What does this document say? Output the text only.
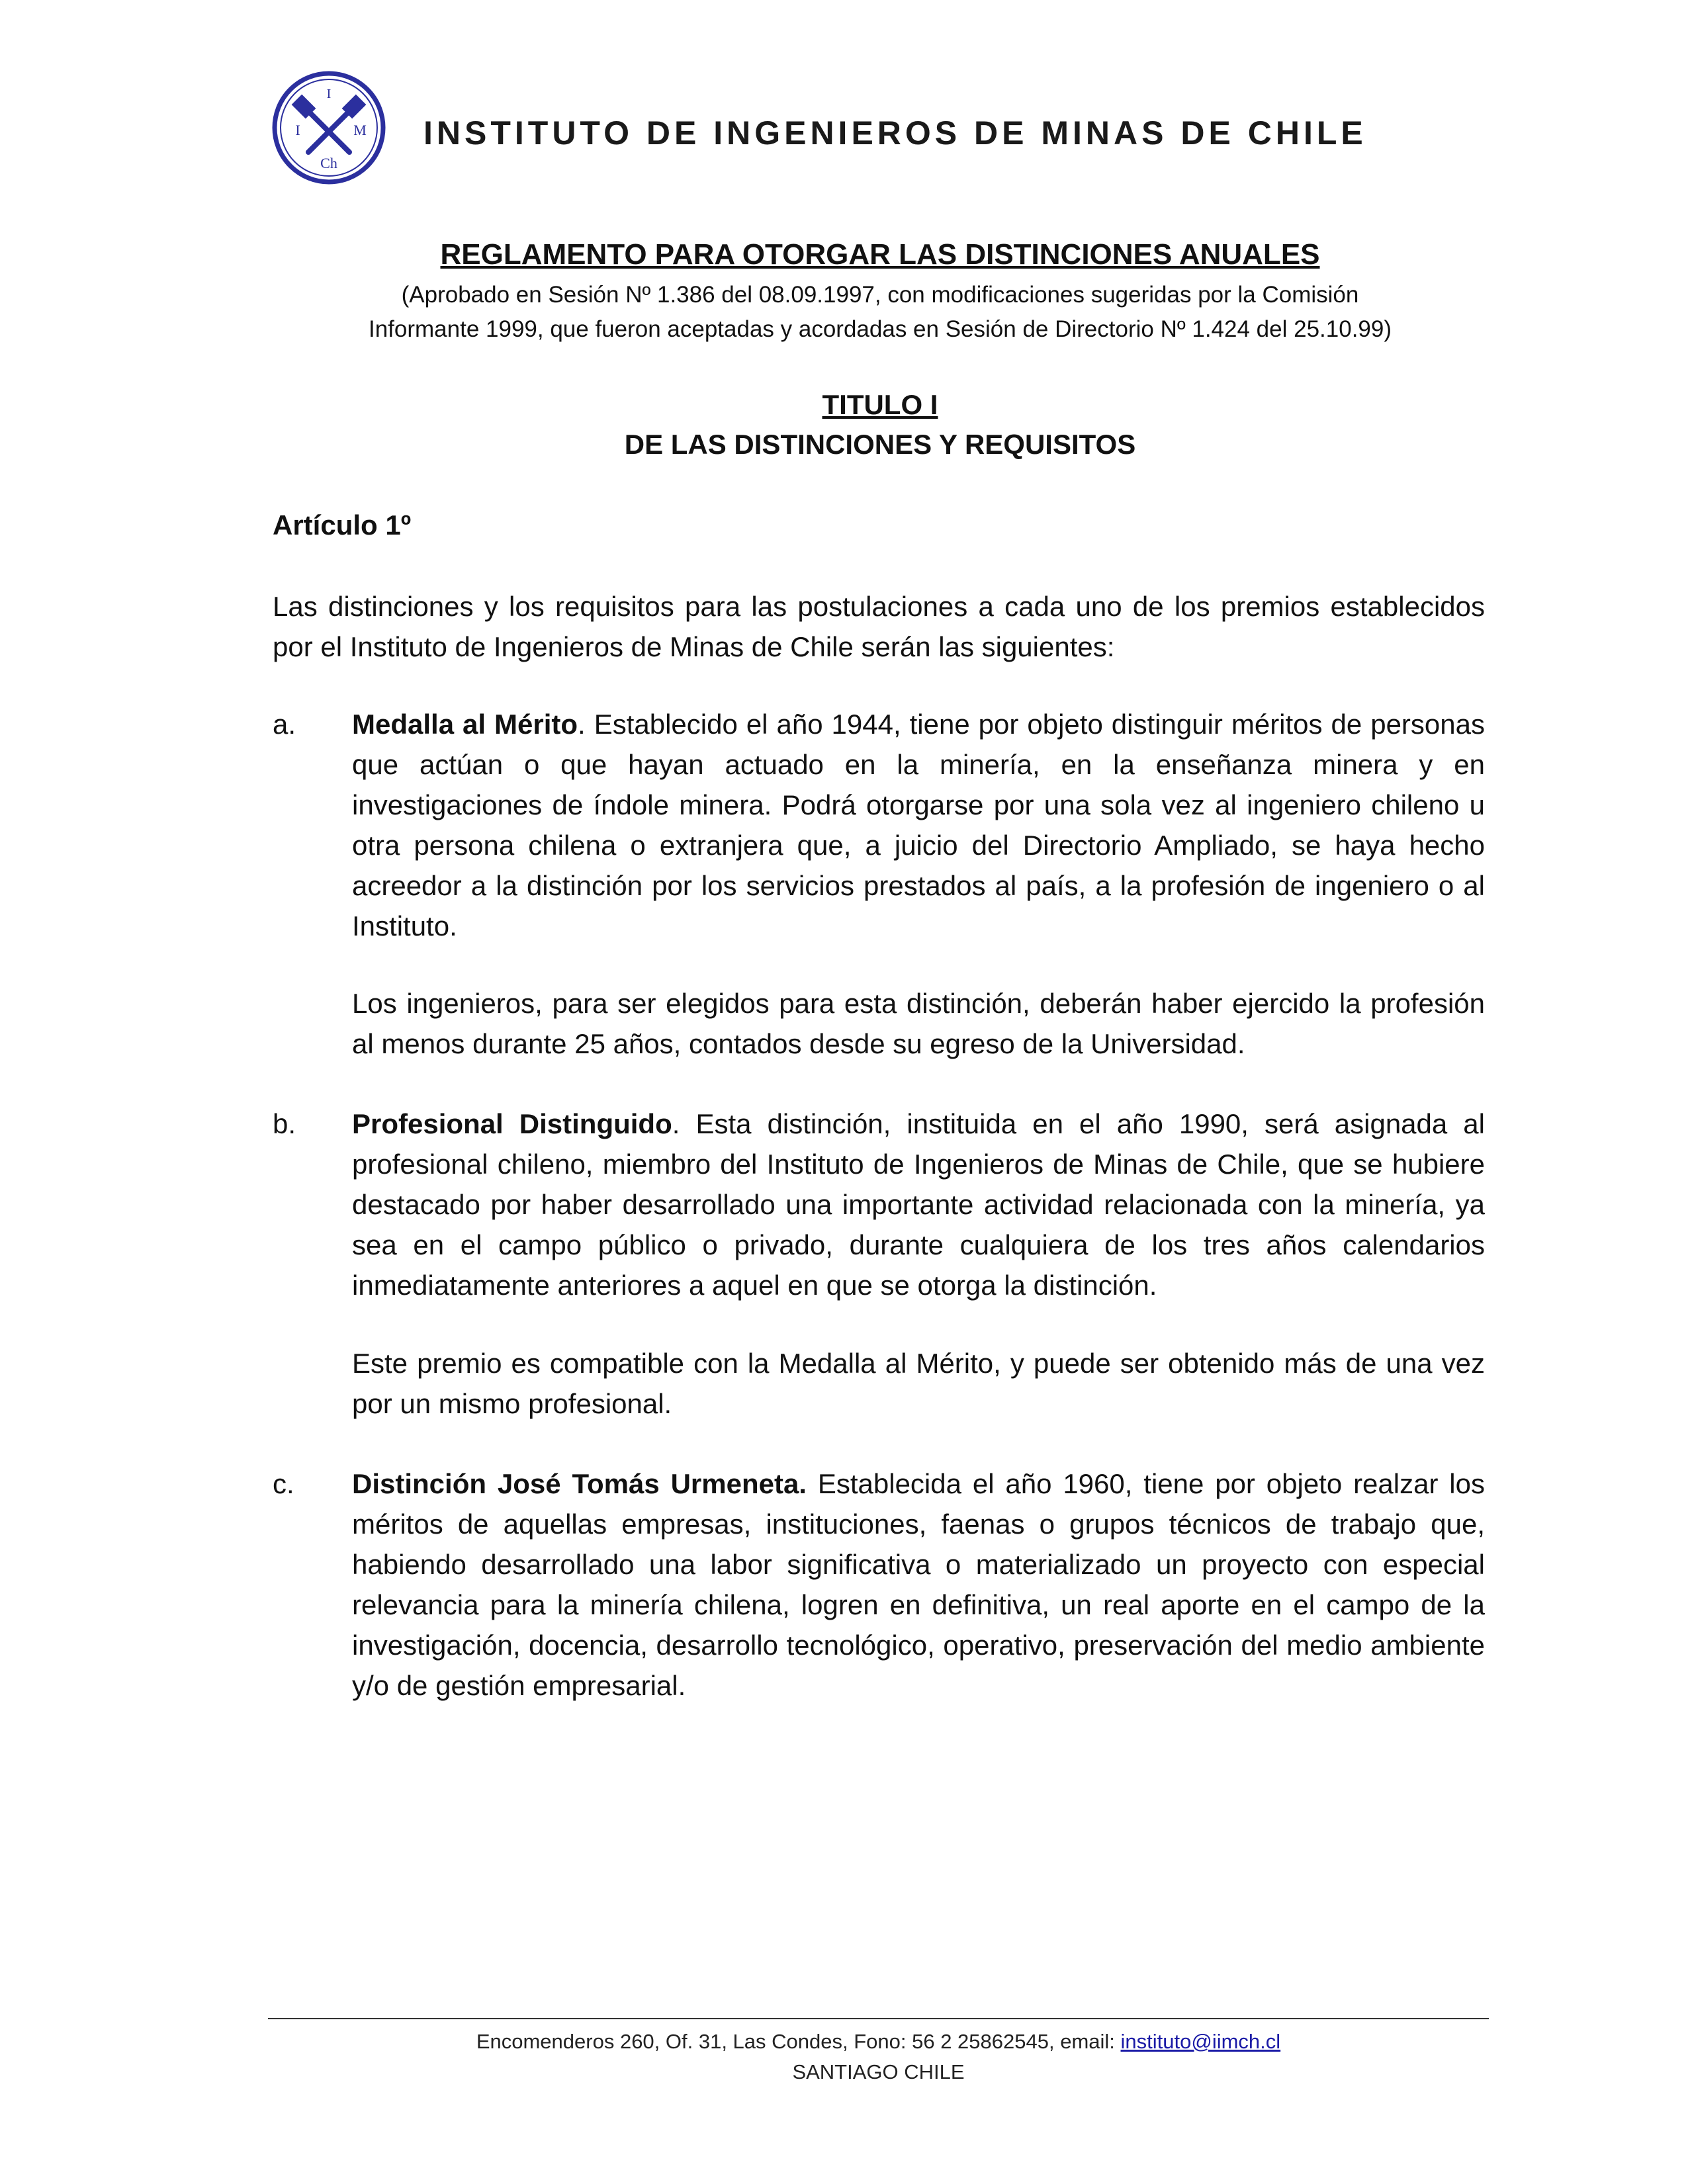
I
I	M
Ch
INSTITUTO DE INGENIEROS DE MINAS DE CHILE
REGLAMENTO PARA OTORGAR LAS DISTINCIONES ANUALES
(Aprobado en Sesión Nº 1.386 del 08.09.1997, con modificaciones sugeridas por la Comisión
Informante 1999, que fueron aceptadas y acordadas en Sesión de Directorio Nº 1.424 del 25.10.99)
TITULO I
DE LAS DISTINCIONES Y REQUISITOS
Artículo 1º
Las distinciones y los requisitos para las postulaciones a cada uno de los premios establecidos por el Instituto de Ingenieros de Minas de Chile serán las siguientes:
a. Medalla al Mérito. Establecido el año 1944, tiene por objeto distinguir méritos de personas que actúan o que hayan actuado en la minería, en la enseñanza minera y en investigaciones de índole minera. Podrá otorgarse por una sola vez al ingeniero chileno u otra persona chilena o extranjera que, a juicio del Directorio Ampliado, se haya hecho acreedor a la distinción por los servicios prestados al país, a la profesión de ingeniero o al Instituto.
Los ingenieros, para ser elegidos para esta distinción, deberán haber ejercido la profesión al menos durante 25 años, contados desde su egreso de la Universidad.
b. Profesional Distinguido. Esta distinción, instituida en el año 1990, será asignada al profesional chileno, miembro del Instituto de Ingenieros de Minas de Chile, que se hubiere destacado por haber desarrollado una importante actividad relacionada con la minería, ya sea en el campo público o privado, durante cualquiera de los tres años calendarios inmediatamente anteriores a aquel en que se otorga la distinción.
Este premio es compatible con la Medalla al Mérito, y puede ser obtenido más de una vez por un mismo profesional.
c. Distinción José Tomás Urmeneta. Establecida el año 1960, tiene por objeto realzar los méritos de aquellas empresas, instituciones, faenas o grupos técnicos de trabajo que, habiendo desarrollado una labor significativa o materializado un proyecto con especial relevancia para la minería chilena, logren en definitiva, un real aporte en el campo de la investigación, docencia, desarrollo tecnológico, operativo, preservación del medio ambiente y/o de gestión empresarial.
Encomenderos 260, Of. 31, Las Condes, Fono: 56 2 25862545, email: instituto@iimch.cl
SANTIAGO CHILE
